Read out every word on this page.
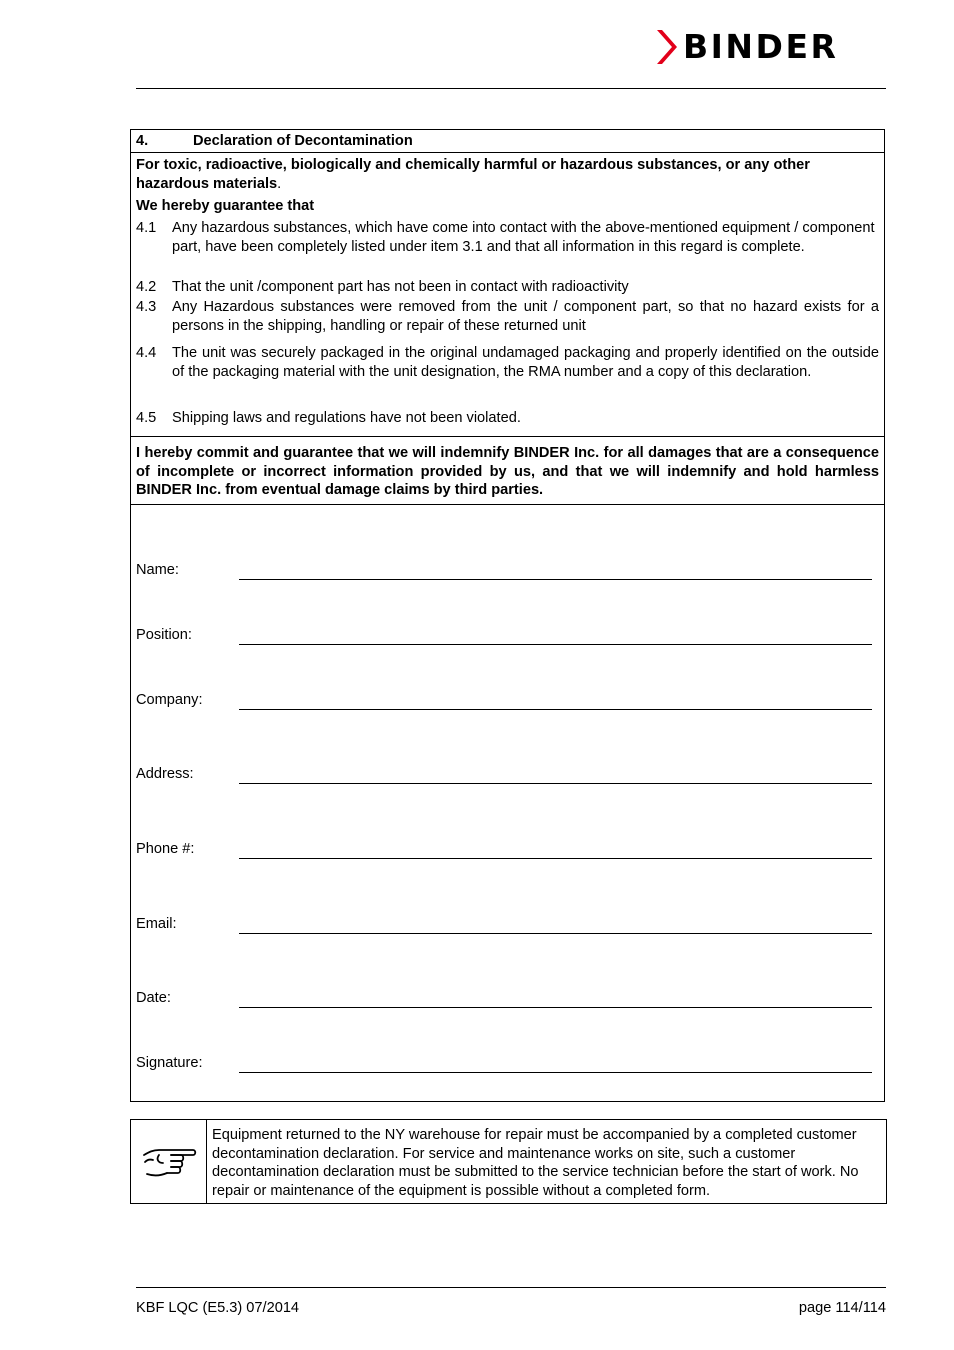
BINDER
4.	Declaration of Decontamination

For toxic, radioactive, biologically and chemically harmful or hazardous substances, or any other hazardous materials.

We hereby guarantee that

4.1 Any hazardous substances, which have come into contact with the above-mentioned equipment / component part, have been completely listed under item 3.1 and that all information in this regard is complete.
4.2 That the unit /component part has not been in contact with radioactivity
4.3 Any Hazardous substances were removed from the unit / component part, so that no hazard exists for a persons in the shipping, handling or repair of these returned unit
4.4 The unit was securely packaged in the original undamaged packaging and properly identified on the outside of the packaging material with the unit designation, the RMA number and a copy of this declaration.
4.5 Shipping laws and regulations have not been violated.

I hereby commit and guarantee that we will indemnify BINDER Inc. for all damages that are a consequence of incomplete or incorrect information provided by us, and that we will indemnify and hold harmless BINDER Inc. from eventual damage claims by third parties.

Name:
Position:
Company:
Address:
Phone #:
Email:
Date:
Signature:
Equipment returned to the NY warehouse for repair must be accompanied by a completed customer decontamination declaration. For service and maintenance works on site, such a customer decontamination declaration must be submitted to the service technician before the start of work. No repair or maintenance of the equipment is possible without a completed form.
KBF LQC (E5.3) 07/2014	page 114/114
